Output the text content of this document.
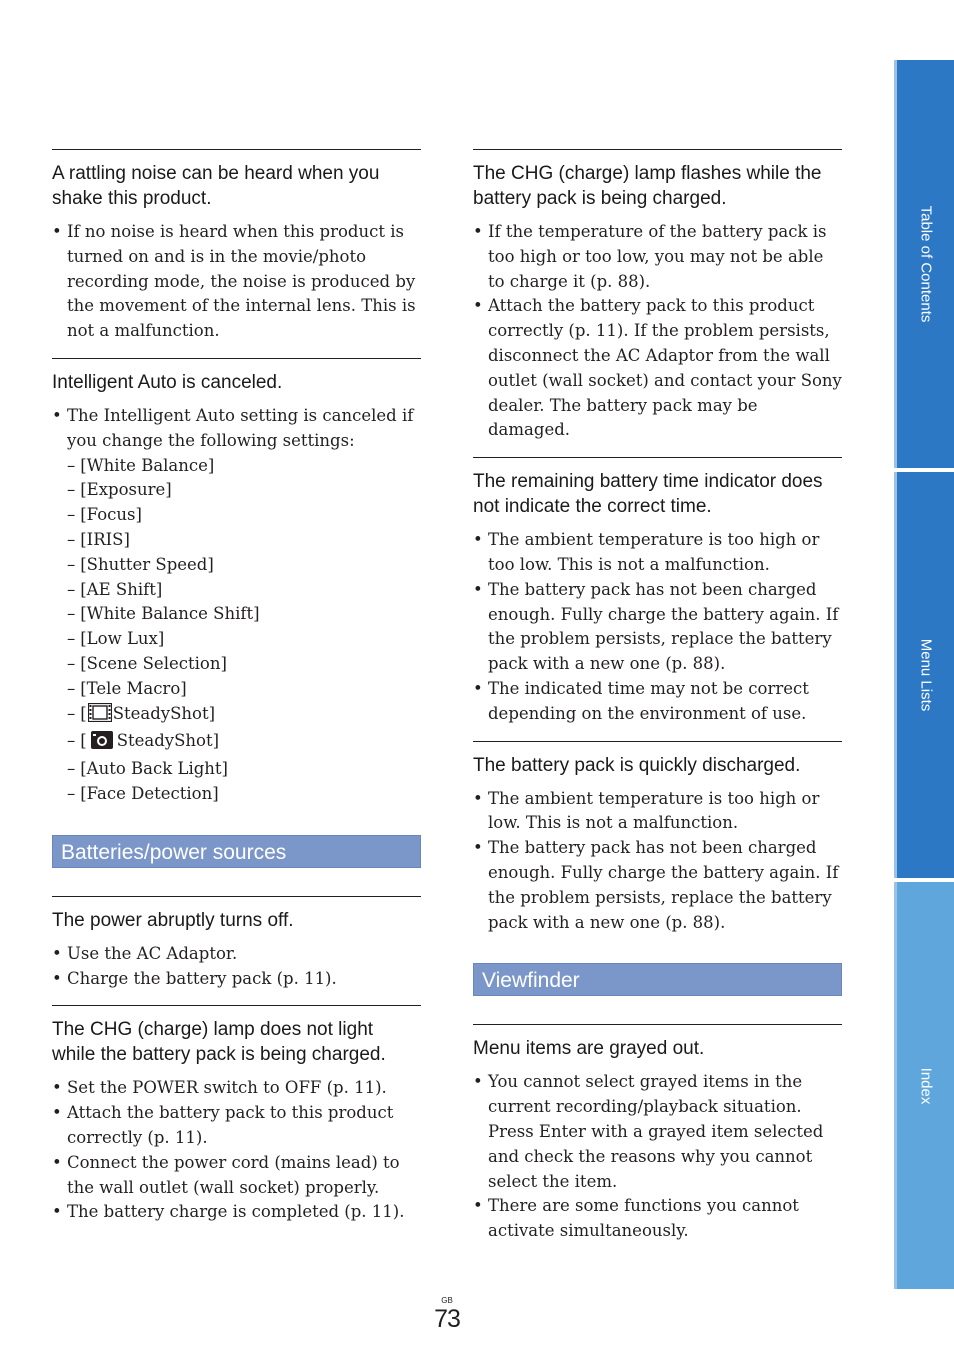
A rattling noise can be heard when you shake this product.
• If no noise is heard when this product is turned on and is in the movie/photo recording mode, the noise is produced by the movement of the internal lens. This is not a malfunction.
Intelligent Auto is canceled.
• The Intelligent Auto setting is canceled if you change the following settings:
– [White Balance]
– [Exposure]
– [Focus]
– [IRIS]
– [Shutter Speed]
– [AE Shift]
– [White Balance Shift]
– [Low Lux]
– [Scene Selection]
– [Tele Macro]
– [ SteadyShot]
– [ SteadyShot]
– [Auto Back Light]
– [Face Detection]
Batteries/power sources
The power abruptly turns off.
• Use the AC Adaptor.
• Charge the battery pack (p. 11).
The CHG (charge) lamp does not light while the battery pack is being charged.
• Set the POWER switch to OFF (p. 11).
• Attach the battery pack to this product correctly (p. 11).
• Connect the power cord (mains lead) to the wall outlet (wall socket) properly.
• The battery charge is completed (p. 11).
The CHG (charge) lamp flashes while the battery pack is being charged.
• If the temperature of the battery pack is too high or too low, you may not be able to charge it (p. 88).
• Attach the battery pack to this product correctly (p. 11). If the problem persists, disconnect the AC Adaptor from the wall outlet (wall socket) and contact your Sony dealer. The battery pack may be damaged.
The remaining battery time indicator does not indicate the correct time.
• The ambient temperature is too high or too low. This is not a malfunction.
• The battery pack has not been charged enough. Fully charge the battery again. If the problem persists, replace the battery pack with a new one (p. 88).
• The indicated time may not be correct depending on the environment of use.
The battery pack is quickly discharged.
• The ambient temperature is too high or low. This is not a malfunction.
• The battery pack has not been charged enough. Fully charge the battery again. If the problem persists, replace the battery pack with a new one (p. 88).
Viewfinder
Menu items are grayed out.
• You cannot select grayed items in the current recording/playback situation. Press Enter with a grayed item selected and check the reasons why you cannot select the item.
• There are some functions you cannot activate simultaneously.
Table of Contents
Menu Lists
Index
GB
73
